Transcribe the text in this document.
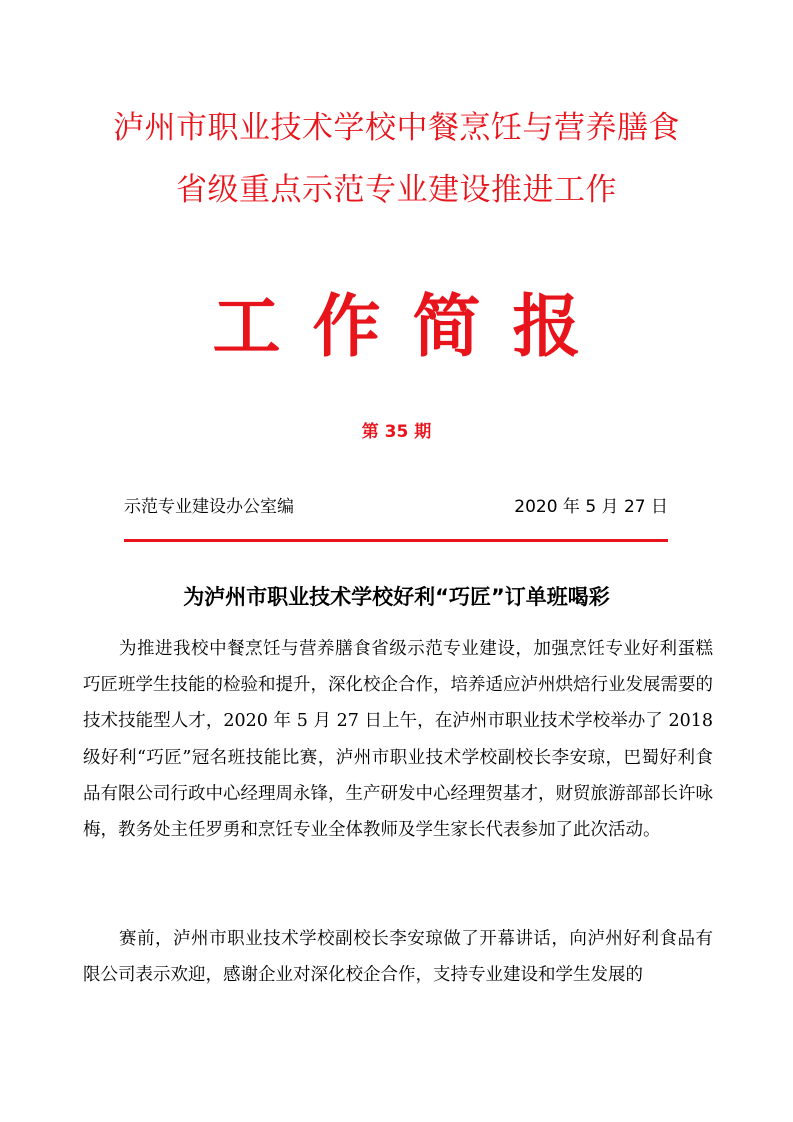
泸州市职业技术学校中餐烹饪与营养膳食
省级重点示范专业建设推进工作
工作简报
第 35 期
示范专业建设办公室编	2020 年 5 月 27 日
为泸州市职业技术学校好利“巧匠”订单班喝彩

为推进我校中餐烹饪与营养膳食省级示范专业建设，加强烹饪专业好利蛋糕巧匠班学生技能的检验和提升，深化校企合作，培养适应泸州烘焙行业发展需要的技术技能型人才，2020 年 5 月 27 日上午，在泸州市职业技术学校举办了 2018 级好利“巧匠”冠名班技能比赛，泸州市职业技术学校副校长李安琼，巴蜀好利食品有限公司行政中心经理周永锋，生产研发中心经理贺基才，财贸旅游部部长许咏梅，教务处主任罗勇和烹饪专业全体教师及学生家长代表参加了此次活动。

赛前，泸州市职业技术学校副校长李安琼做了开幕讲话，向泸州好利食品有限公司表示欢迎，感谢企业对深化校企合作，支持专业建设和学生发展的
